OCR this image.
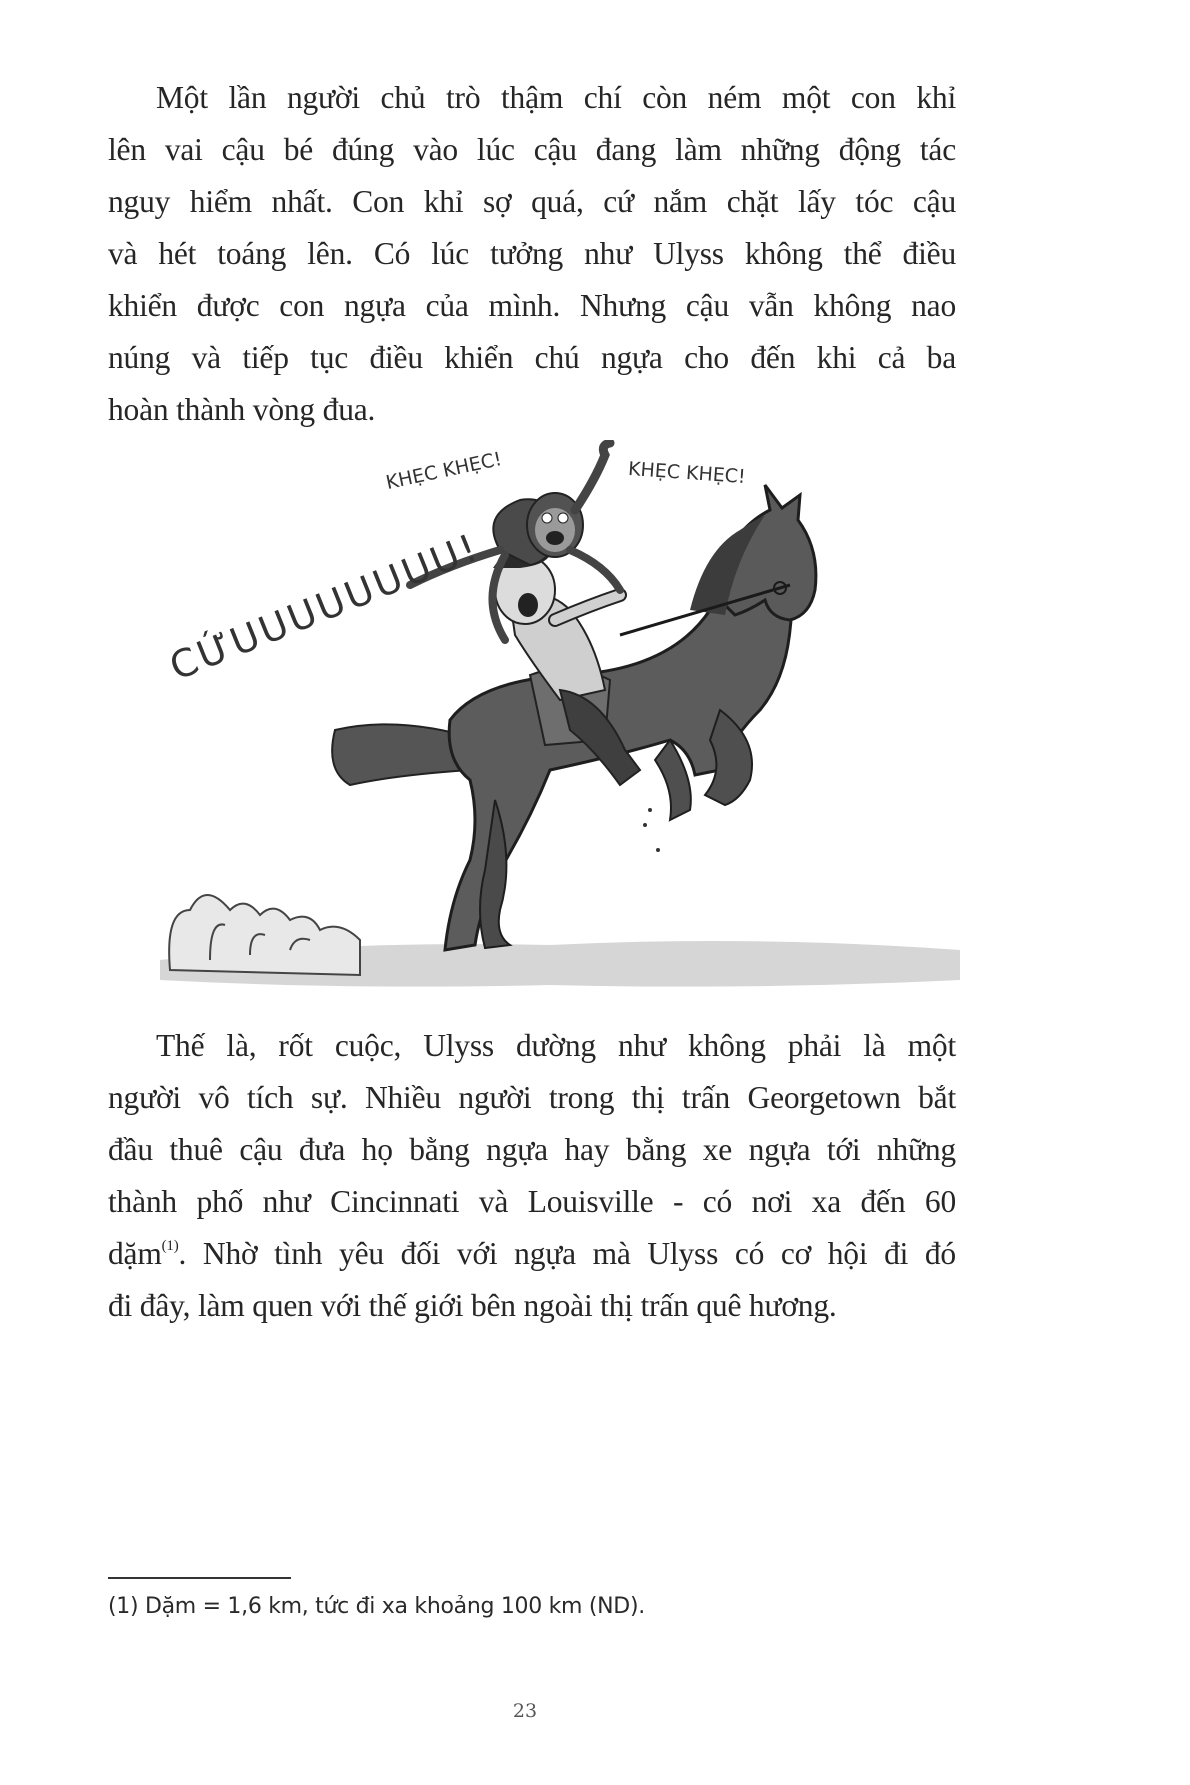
Một lần người chủ trò thậm chí còn ném một con khỉ
lên vai cậu bé đúng vào lúc cậu đang làm những động tác
nguy hiểm nhất. Con khỉ sợ quá, cứ nắm chặt lấy tóc cậu
và hét toáng lên. Có lúc tưởng như Ulyss không thể điều
khiển được con ngựa của mình. Nhưng cậu vẫn không nao
núng và tiếp tục điều khiển chú ngựa cho đến khi cả ba
hoàn thành vòng đua.
KHẸC KHẸC!	KHẸC KHẸC!
CỨUUUUUUUU!
Thế là, rốt cuộc, Ulyss dường như không phải là một
người vô tích sự. Nhiều người trong thị trấn Georgetown bắt
đầu thuê cậu đưa họ bằng ngựa hay bằng xe ngựa tới những
thành phố như Cincinnati và Louisville - có nơi xa đến 60
dặm$^{(1)}$. Nhờ tình yêu đối với ngựa mà Ulyss có cơ hội đi đó
đi đây, làm quen với thế giới bên ngoài thị trấn quê hương.
(1) Dặm = 1,6 km, tức đi xa khoảng 100 km (ND).
23
